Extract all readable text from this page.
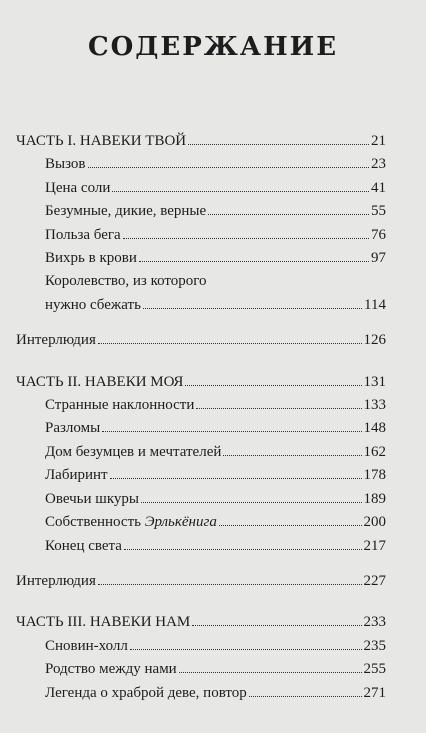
СОДЕРЖАНИЕ
ЧАСТЬ I. НАВЕКИ ТВОЙ	21
Вызов	23
Цена соли	41
Безумные, дикие, верные	55
Польза бега	76
Вихрь в крови	97
Королевство, из которого
нужно сбежать	114
Интерлюдия	126
ЧАСТЬ II. НАВЕКИ МОЯ	131
Странные наклонности	133
Разломы	148
Дом безумцев и мечтателей	162
Лабиринт	178
Овечьи шкуры	189
Собственность Эрлькёнига	200
Конец света	217
Интерлюдия	227
ЧАСТЬ III. НАВЕКИ НАМ	233
Сновин-холл	235
Родство между нами	255
Легенда о храброй деве, повтор	271
